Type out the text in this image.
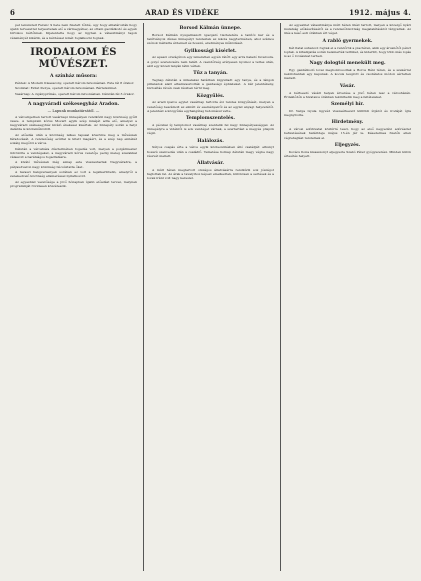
6	ARAD ÉS VIDÉKE	1912. május 4.

pet lenunsteit Ferenc 9 hete nem fizetett tőbbé, ugy hogy elhatározták hogy ujabb tervezettet terjesztenek elő a vármegyéhez, az ottani gazdálkodó és egyéb birtokos bérlőknek. Kijelentette hogy az ügyben a választmányi tagok véleményét kikérik, és a kérdéssel ismét foglalkozni fognak.

IRODALOM ÉS MŰVÉSZET.
A színház műsora:

Péntek: A Modern Kisasszony, operett három felvonásban. Este fél 8 órakor.

Szombat: Ezüst Ibolya, operett három felvonásban. Bérletszünet.

Vasárnap: A cigányprímás, operett három felvonásban. Délután fél 3 órakor.

A nagyváradi székesegyház Aradon.
— Lapunk munkatársától. —

A városligetben tartott vasárnapi ünnepélyen rendkívül nagy közönség gyűlt össze. A templomi kórus Mozart egyik szép miséjét adta elő, amelyet a nagyváradi székesegyház kiváló énekesei kisértek. Az ünnepély során a helyi dalárda is közreműködött.

Az előadás után a közönség lelkes tapssal köszönte meg a művészek fáradozását. A rendezőség ezúttal is kitett magáért, és a szép nap emlékét sokáig megőrzi a város.

Délután a városháza dísztermében fogadás volt, melyen a polgármester üdvözölte a vendégeket, a nagyváradi kórus vezetője pedig meleg szavakkal válaszolt a barátságos fogadtatásra.

A kiváló művészek még aznap este visszautaztak Nagyváradra, a pályaudvaron nagy közönség búcsúztatta őket.

A tavaszi hangversenyek sorában ez volt a legsikerültebb, amelyről a zenekedvelő közönség elismeréssel nyilatkozott.

Az egyesület vezetősége a jövő hónapban újabb előadást tervez, melynek programmját rövidesen közzéteszik.

Borsod Kálmán ünnepe.

Borsod Kálmán nyugalmazott igazgató tiszteletére a tanítói kar és a tanítványok díszes ünnepélyt rendeztek az iskola nagytermében, ahol számos szónok méltatta érdemeit és hosszú, eredményes működését.

Gyilkossági kísérlet.

Az apaszi országúton egy ismeretlen egyén rálőtt egy arra haladó fuvarosra. A golyó szerencsére nem talált. A csendőrség erélyesen nyomoz a tettes után, akit egy közeli tanyán látni véltek.

Tűz a tanyán.

Tegnap délután a mikelakai határban kigyulladt egy tanya, és a lángok pillanatok alatt elhamvasztották a gazdasági épületeket. A kár jelentékeny, biztosítás révén csak részben térül meg.

Közgyűlés.

Az aradi iparos egylet vasárnap tartotta évi rendes közgyűlését, melyen a vezetőség beszámolt az elmúlt év eseményeiről és az egylet anyagi helyzetéről. A jelentést a közgyűlés egyhangúlag tudomásul vette.

Templomszentelés.

A pécskai új templomot vasárnap szentelik fel nagy ünnepélyességgel. Az ünnepélyre a vidékről is sok vendéget várnak, a szertartást a megyés püspök végzi.

Halálozás.

Súlyos csapás érte a város egyik közbecsülésben álló családját: elhunyt hosszú szenvedés után a családfő. Temetése holnap délután megy végbe nagy részvét mellett.

Állatvásár.

A múlt héten megtartott országos állatvásárra rendkívül sok jószágot hajtottak fel. Az árak a tavalyihoz képest emelkedtek, különösen a sertések és a lovak iránt volt nagy kereslet.

Az egyesület választmánya múlt héten ülést tartott, melyen a közelgő nyári mulatság előkészítéséről és a rendezőbizottság megalakításáról tárgyaltak. Az ülés a késő esti órákban ért véget.

A rabló gyermekek.

Két fiatal suhancot fogtak el a rendőrök a piactéren, akik egy árusnőtől pénzt loptak. A kihallgatás során beismerték tettüket, és kiderült, hogy több más lopás is az ő rovásukat terheli.

Nagy dologtól menekült meg.

Egy gazdálkodó lovai megbokrosodtak a Boros Béni téren, és a szekérrel nekirohantak egy kapunak. A kocsis leugrott és csodálatos módon sértetlen maradt.

Vásár.

A bérbeadó vásári helyek árverése a jövő héten lesz a városházán. Érdeklődők a hivatalos órákban tekinthetik meg a feltételeket.

Személyi hír.

Dr. Varga Gyula ügyvéd visszaérkezett külföldi útjáról és irodáját újra megnyitotta.

Hirdetmény.

A városi adóhivatal közhírré teszi, hogy az első negyedévi adórészlet befizetésének határideje május 15-én jár le. Késedelmes fizetők ellen végrehajtást rendelnek el.

Eljegyzés.

Kovács Ilona kisasszonyt eljegyezte Szabó Péter gyógyszerész. Minden külön értesítés helyett.
